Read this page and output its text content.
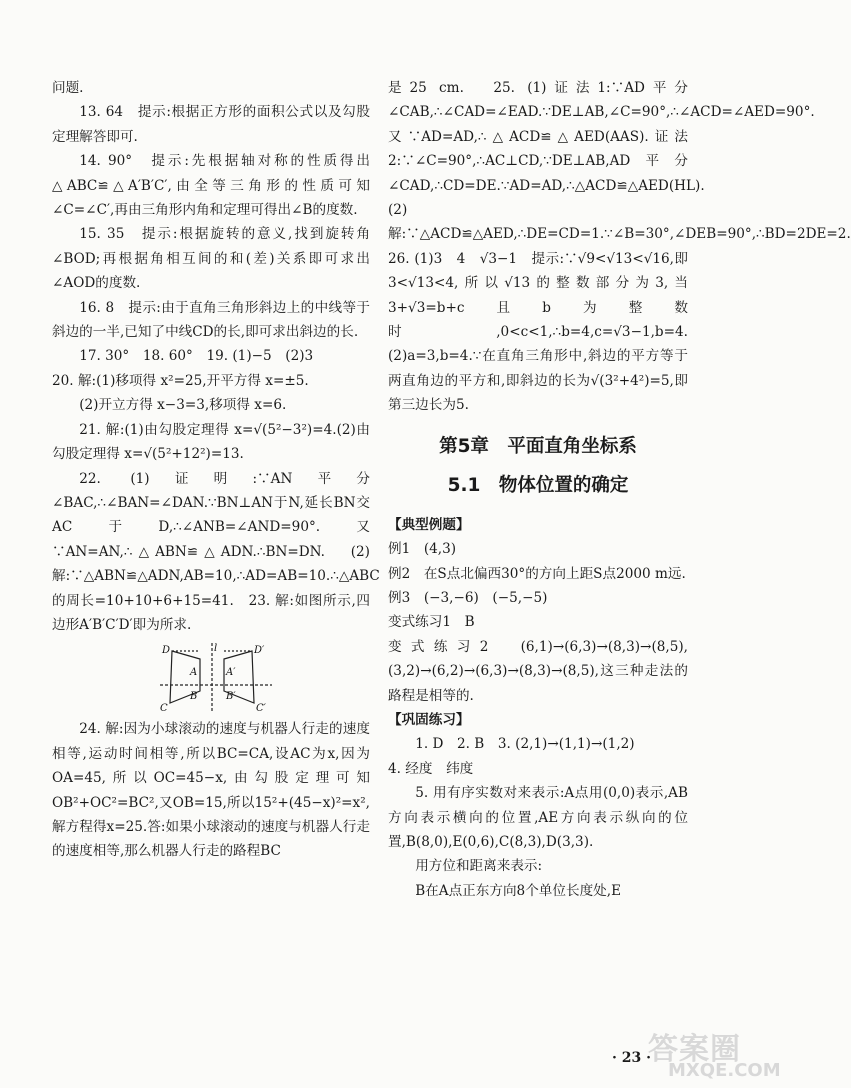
问题.

13. 64　提示:根据正方形的面积公式以及勾股定理解答即可.

14. 90°　提示:先根据轴对称的性质得出△ABC≌△A′B′C′,由全等三角形的性质可知∠C=∠C′,再由三角形内角和定理可得出∠B的度数.

15. 35　提示:根据旋转的意义,找到旋转角∠BOD;再根据角相互间的和(差)关系即可求出∠AOD的度数.

16. 8　提示:由于直角三角形斜边上的中线等于斜边的一半,已知了中线CD的长,即可求出斜边的长.

17. 30°　18. 60°　19. (1)−5　(2)3

20. 解:(1)移项得 x²=25,开平方得 x=±5.

(2)开立方得 x−3=3,移项得 x=6.

21. 解:(1)由勾股定理得 x=√(5²−3²)=4.(2)由勾股定理得 x=√(5²+12²)=13.

22. (1)证明:∵AN平分∠BAC,∴∠BAN=∠DAN.∵BN⊥AN于N,延长BN交AC于D,∴∠ANB=∠AND=90°.又∵AN=AN,∴△ABN≌△ADN.∴BN=DN.　(2)解:∵△ABN≌△ADN,AB=10,∴AD=AB=10.∴△ABC的周长=10+10+6+15=41.　23. 解:如图所示,四边形A′B′C′D′即为所求.

D	l	D′
A	A′
B	B′
C	C′

24. 解:因为小球滚动的速度与机器人行走的速度相等,运动时间相等,所以BC=CA,设AC为x,因为OA=45,所以OC=45−x,由勾股定理可知OB²+OC²=BC²,又OB=15,所以15²+(45−x)²=x²,解方程得x=25.答:如果小球滚动的速度与机器人行走的速度相等,那么机器人行走的路程BC

是25 cm.　25. (1)证法1:∵AD平分∠CAB,∴∠CAD=∠EAD.∵DE⊥AB,∠C=90°,∴∠ACD=∠AED=90°.又∵AD=AD,∴△ACD≌△AED(AAS).证法2:∵∠C=90°,∴AC⊥CD,∵DE⊥AB,AD平分∠CAD,∴CD=DE.∵AD=AD,∴△ACD≌△AED(HL).　(2)解:∵△ACD≌△AED,∴DE=CD=1.∵∠B=30°,∠DEB=90°,∴BD=2DE=2.　26. (1)3　4　√3−1　提示:∵√9<√13<√16,即3<√13<4,所以√13的整数部分为3,当3+√3=b+c且b为整数时,0<c<1,∴b=4,c=√3−1,b=4.　(2)a=3,b=4.∵在直角三角形中,斜边的平方等于两直角边的平方和,即斜边的长为√(3²+4²)=5,即第三边长为5.

第5章　平面直角坐标系
5.1　物体位置的确定

【典型例题】

例1　(4,3)

例2　在S点北偏西30°的方向上距S点2000 m远.

例3　(−3,−6)　(−5,−5)

变式练习1　B

变式练习2　(6,1)→(6,3)→(8,3)→(8,5),(3,2)→(6,2)→(6,3)→(8,3)→(8,5),这三种走法的路程是相等的.

【巩固练习】

1. D　2. B　3. (2,1)→(1,1)→(1,2)

4. 经度　纬度

5. 用有序实数对来表示:A点用(0,0)表示,AB方向表示横向的位置,AE方向表示纵向的位置,B(8,0),E(0,6),C(8,3),D(3,3).

用方位和距离来表示:

B在A点正东方向8个单位长度处,E

· 23 ·
答案圈
MXQE.COM
